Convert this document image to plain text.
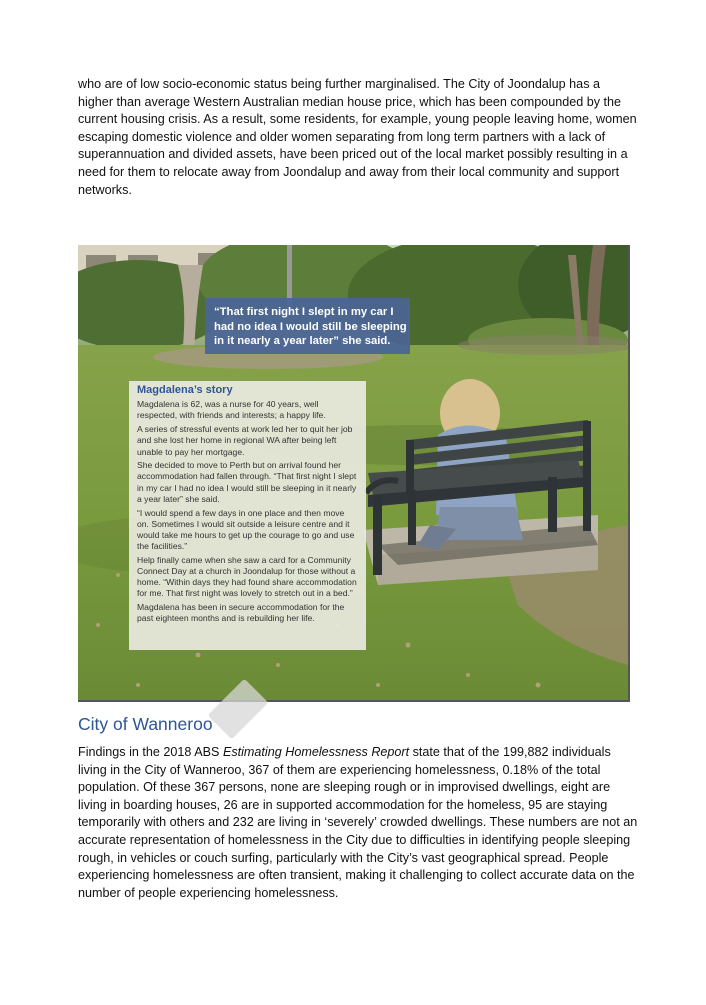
who are of low socio-economic status being further marginalised. The City of Joondalup has a higher than average Western Australian median house price, which has been compounded by the current housing crisis. As a result, some residents, for example, young people leaving home, women escaping domestic violence and older women separating from long term partners with a lack of superannuation and divided assets, have been priced out of the local market possibly resulting in a need for them to relocate away from Joondalup and away from their local community and support networks.

“That first night I slept in my car I
had no idea I would still be sleeping
in it nearly a year later” she said.
Magdalena’s story

Magdalena is 62, was a nurse for 40 years, well respected, with friends and interests; a happy life.

A series of stressful events at work led her to quit her job and she lost her home in regional WA after being left unable to pay her mortgage.

She decided to move to Perth but on arrival found her accommodation had fallen through. “That first night I slept in my car I had no idea I would still be sleeping in it nearly a year later” she said.

“I would spend a few days in one place and then move on. Sometimes I would sit outside a leisure centre and it would take me hours to get up the courage to go and use the facilities.”

Help finally came when she saw a card for a Community Connect Day at a church in Joondalup for those without a home. “Within days they had found share accommodation for me. That first night was lovely to stretch out in a bed.”

Magdalena has been in secure accommodation for the past eighteen months and is rebuilding her life.

City of Wanneroo

Findings in the 2018 ABS Estimating Homelessness Report state that of the 199,882 individuals living in the City of Wanneroo, 367 of them are experiencing homelessness, 0.18% of the total population. Of these 367 persons, none are sleeping rough or in improvised dwellings, eight are living in boarding houses, 26 are in supported accommodation for the homeless, 95 are staying temporarily with others and 232 are living in ‘severely’ crowded dwellings. These numbers are not an accurate representation of homelessness in the City due to difficulties in identifying people sleeping rough, in vehicles or couch surfing, particularly with the City’s vast geographical spread. People experiencing homelessness are often transient, making it challenging to collect accurate data on the number of people experiencing homelessness.
